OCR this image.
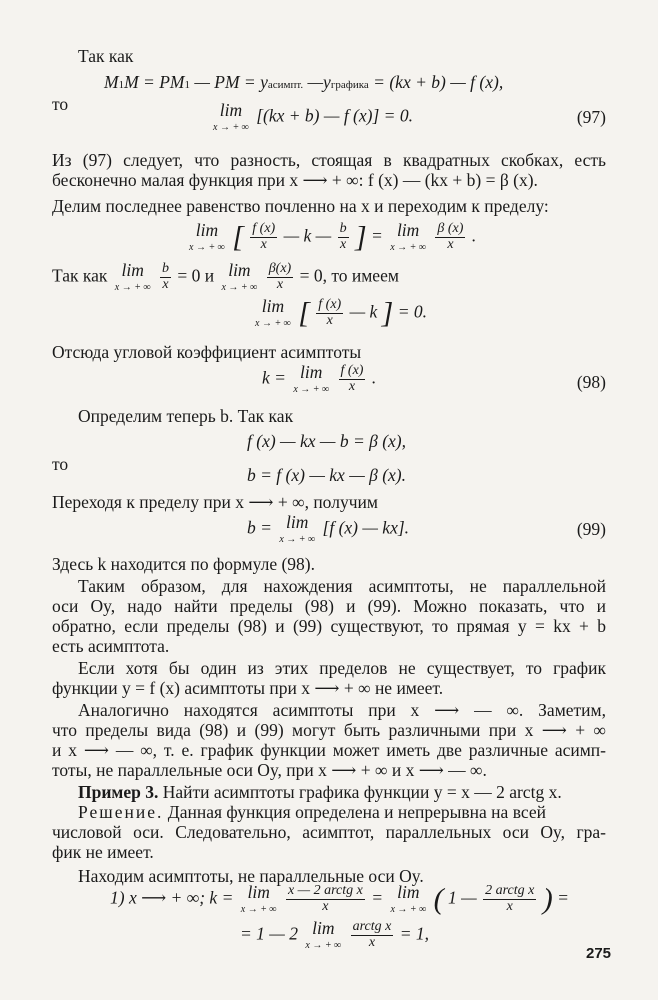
Так как
M1M = PM1 — PM = yасимпт. —yграфика = (kx + b) — f (x),
то	lim
x → + ∞
[(kx + b) — f (x)] = 0.	(97)
Из (97) следует, что разность, стоящая в квадратных скобках, есть
бесконечно малая функция при x ⟶ + ∞: f (x) — (kx + b) = β (x).
Делим последнее равенство почленно на x и переходим к пределу:
lim
x → + ∞ [ $\frac{f (x)}{x}$ — k — $\frac{b}{x}$ ] = lim
x → + ∞
$\frac{\beta (x)}{x}$ .
Так как lim
x → + ∞
$\frac{b}{x} = 0$ и lim
x → + ∞
$\frac{\beta(x)}{x} = 0$, то имеем
lim
x → + ∞ [ $\frac{f (x)}{x}$ — k ] = 0.
Отсюда угловой коэффициент асимптоты
k = lim
x → + ∞
$\frac{f (x)}{x}$ .	(98)
Определим теперь b. Так как
f (x) — kx — b = β (x),
то
b = f (x) — kx — β (x).
Переходя к пределу при x ⟶ + ∞, получим
b = lim
x → + ∞
[f (x) — kx].	(99)
Здесь k находится по формуле (98).
Таким образом, для нахождения асимптоты, не параллельной
оси Oy, надо найти пределы (98) и (99). Можно показать, что и
обратно, если пределы (98) и (99) существуют, то прямая y = kx + b
есть асимптота.
Если хотя бы один из этих пределов не существует, то график
функции y = f (x) асимптоты при x ⟶ + ∞ не имеет.
Аналогично находятся асимптоты при x ⟶ — ∞. Заметим,
что пределы вида (98) и (99) могут быть различными при x ⟶ + ∞
и x ⟶ — ∞, т. е. график функции может иметь две различные асимп-
тоты, не параллельные оси Oy, при x ⟶ + ∞ и x ⟶ — ∞.
Пример 3. Найти асимптоты графика функции y = x — 2 arctg x.
Решение. Данная функция определена и непрерывна на всей
числовой оси. Следовательно, асимптот, параллельных оси Oy, гра-
фик не имеет.
Находим асимптоты, не параллельные оси Oy.
1) x ⟶ + ∞; k = lim
x → + ∞

x — 2 arctg x
x	= lim
x → + ∞ ( 1 — 2 arctg x
x ) =
= 1 — 2 lim
x → + ∞

arctg x
x	= 1,
275
